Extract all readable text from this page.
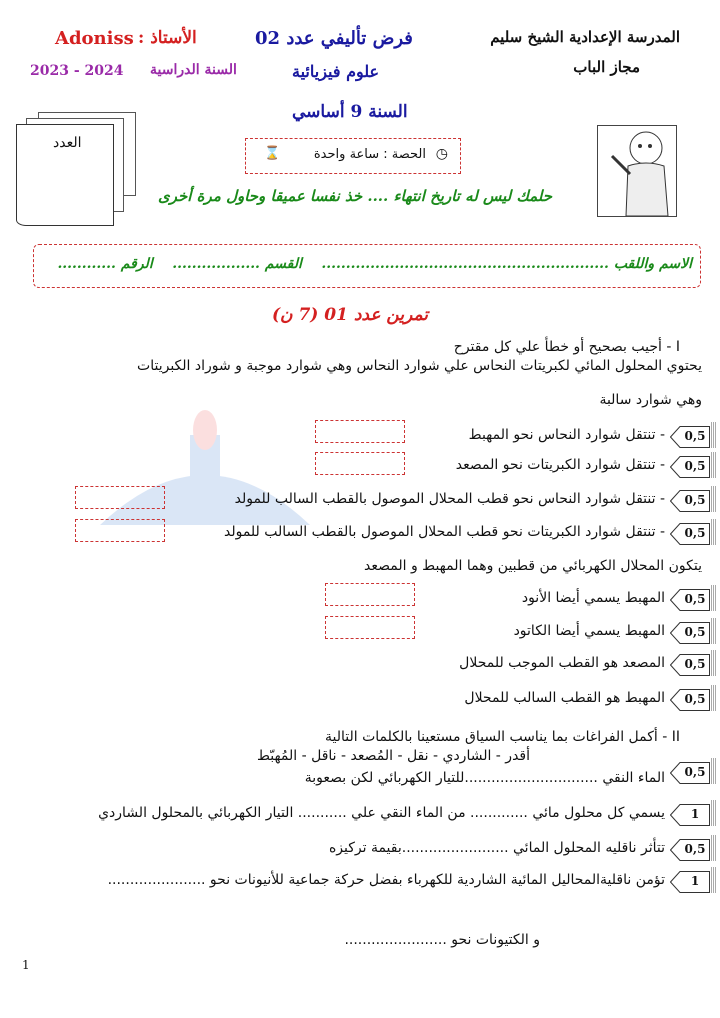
المدرسة الإعدادية الشيخ سليم
مجاز الباب
فرض تأليفي عدد 02
علوم فيزيائية
السنة 9 أساسي
الأستاذ :
Adoniss
السنة الدراسية
2023 - 2024
العدد
الحصة : ساعة واحدة ◷
⌛
حلمك ليس له تاريخ انتهاء .... خذ نفسا عميقا وحاول مرة أخرى
الاسم واللقب ...........................................................    القسم ..................    الرقم ............
تمرين عدد 01 (7 ن)
I - أجيب بصحيح أو خطأ علي كل مقترح
يحتوي المحلول المائي لكبريتات النحاس علي شوارد النحاس وهي شوارد موجبة و شوراد الكبريتات
وهي شوارد سالبة
يتكون المحلال الكهربائي من قطبين وهما المهبط و المصعد
II - أكمل الفراغات بما يناسب السياق مستعينا بالكلمات التالية
أقدر - الشاردي - نقل - المُصعد - ناقل - المُهبّط
و الكتيونات نحو .......................
1
0,5
- تنتقل شوارد النحاس نحو المهبط
0,5
- تنتقل شوارد الكبريتات نحو المصعد
0,5
- تنتقل شوارد النحاس نحو قطب المحلال الموصول بالقطب السالب للمولد
0,5
- تنتقل شوارد الكبريتات نحو قطب المحلال الموصول بالقطب السالب للمولد
0,5
المهبط يسمي أيضا الأنود
0,5
المهبط يسمي أيضا الكاتود
0,5
المصعد هو القطب الموجب للمحلال
0,5
المهبط هو القطب السالب للمحلال
0,5
الماء النقي ..............................للتيار الكهربائي لكن بصعوبة
1
يسمي كل محلول مائي ............. من الماء النقي علي ........... التيار الكهربائي بالمحلول الشاردي
0,5
تتأثر ناقليه المحلول المائي ........................بقيمة تركيزه
1
تؤمن ناقليةالمحاليل المائية الشاردية للكهرباء بفضل حركة جماعية للأنيونات نحو ......................
